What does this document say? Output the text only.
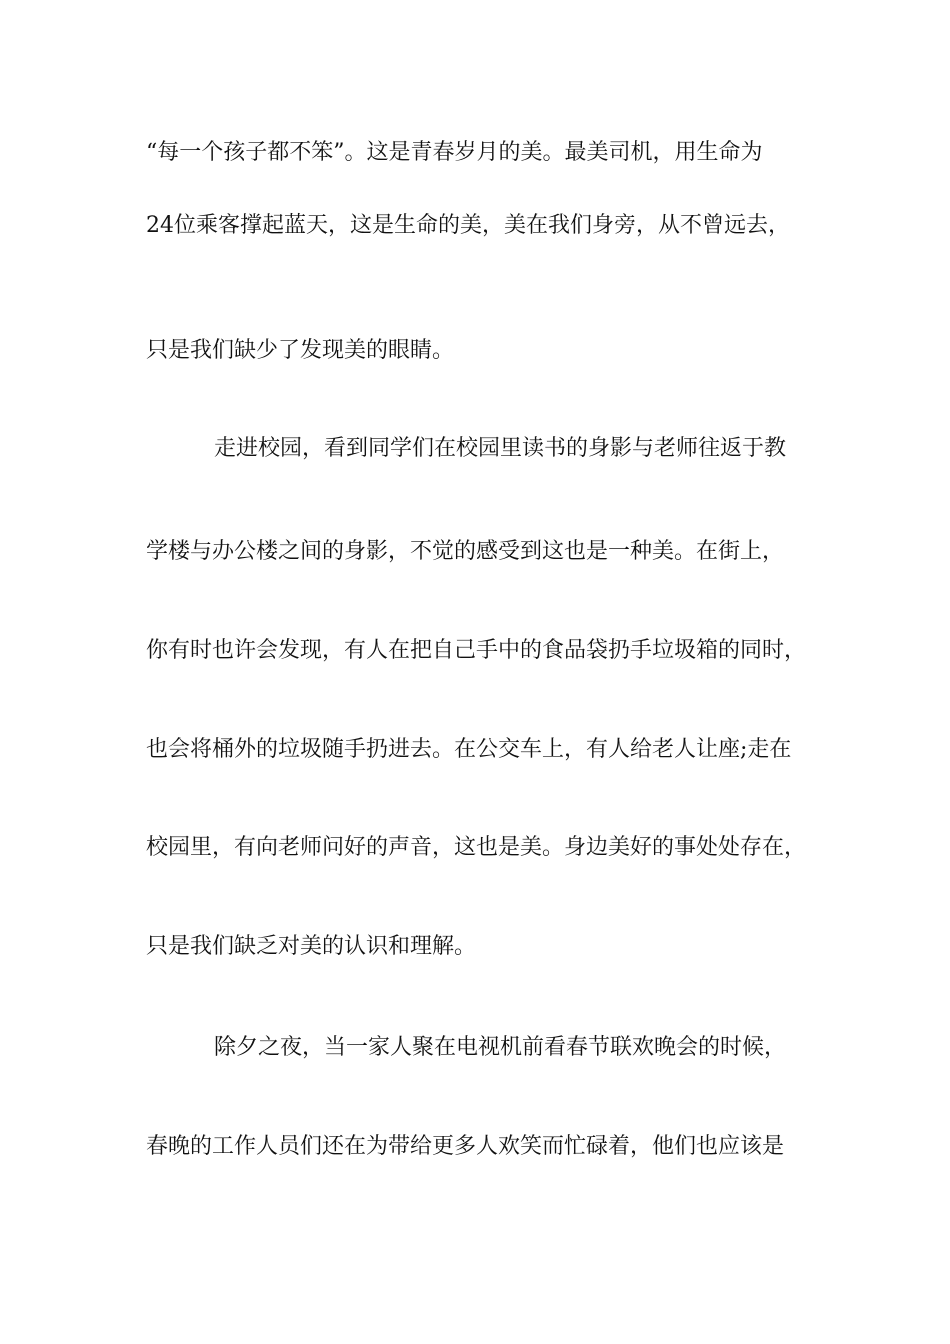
“每一个孩子都不笨”。这是青春岁月的美。最美司机，用生命为
24位乘客撑起蓝天，这是生命的美，美在我们身旁，从不曾远去，
只是我们缺少了发现美的眼睛。
走进校园，看到同学们在校园里读书的身影与老师往返于教
学楼与办公楼之间的身影，不觉的感受到这也是一种美。在街上，
你有时也许会发现，有人在把自己手中的食品袋扔手垃圾箱的同时，
也会将桶外的垃圾随手扔进去。在公交车上，有人给老人让座;走在
校园里，有向老师问好的声音，这也是美。身边美好的事处处存在，
只是我们缺乏对美的认识和理解。
除夕之夜，当一家人聚在电视机前看春节联欢晚会的时候，
春晚的工作人员们还在为带给更多人欢笑而忙碌着，他们也应该是
